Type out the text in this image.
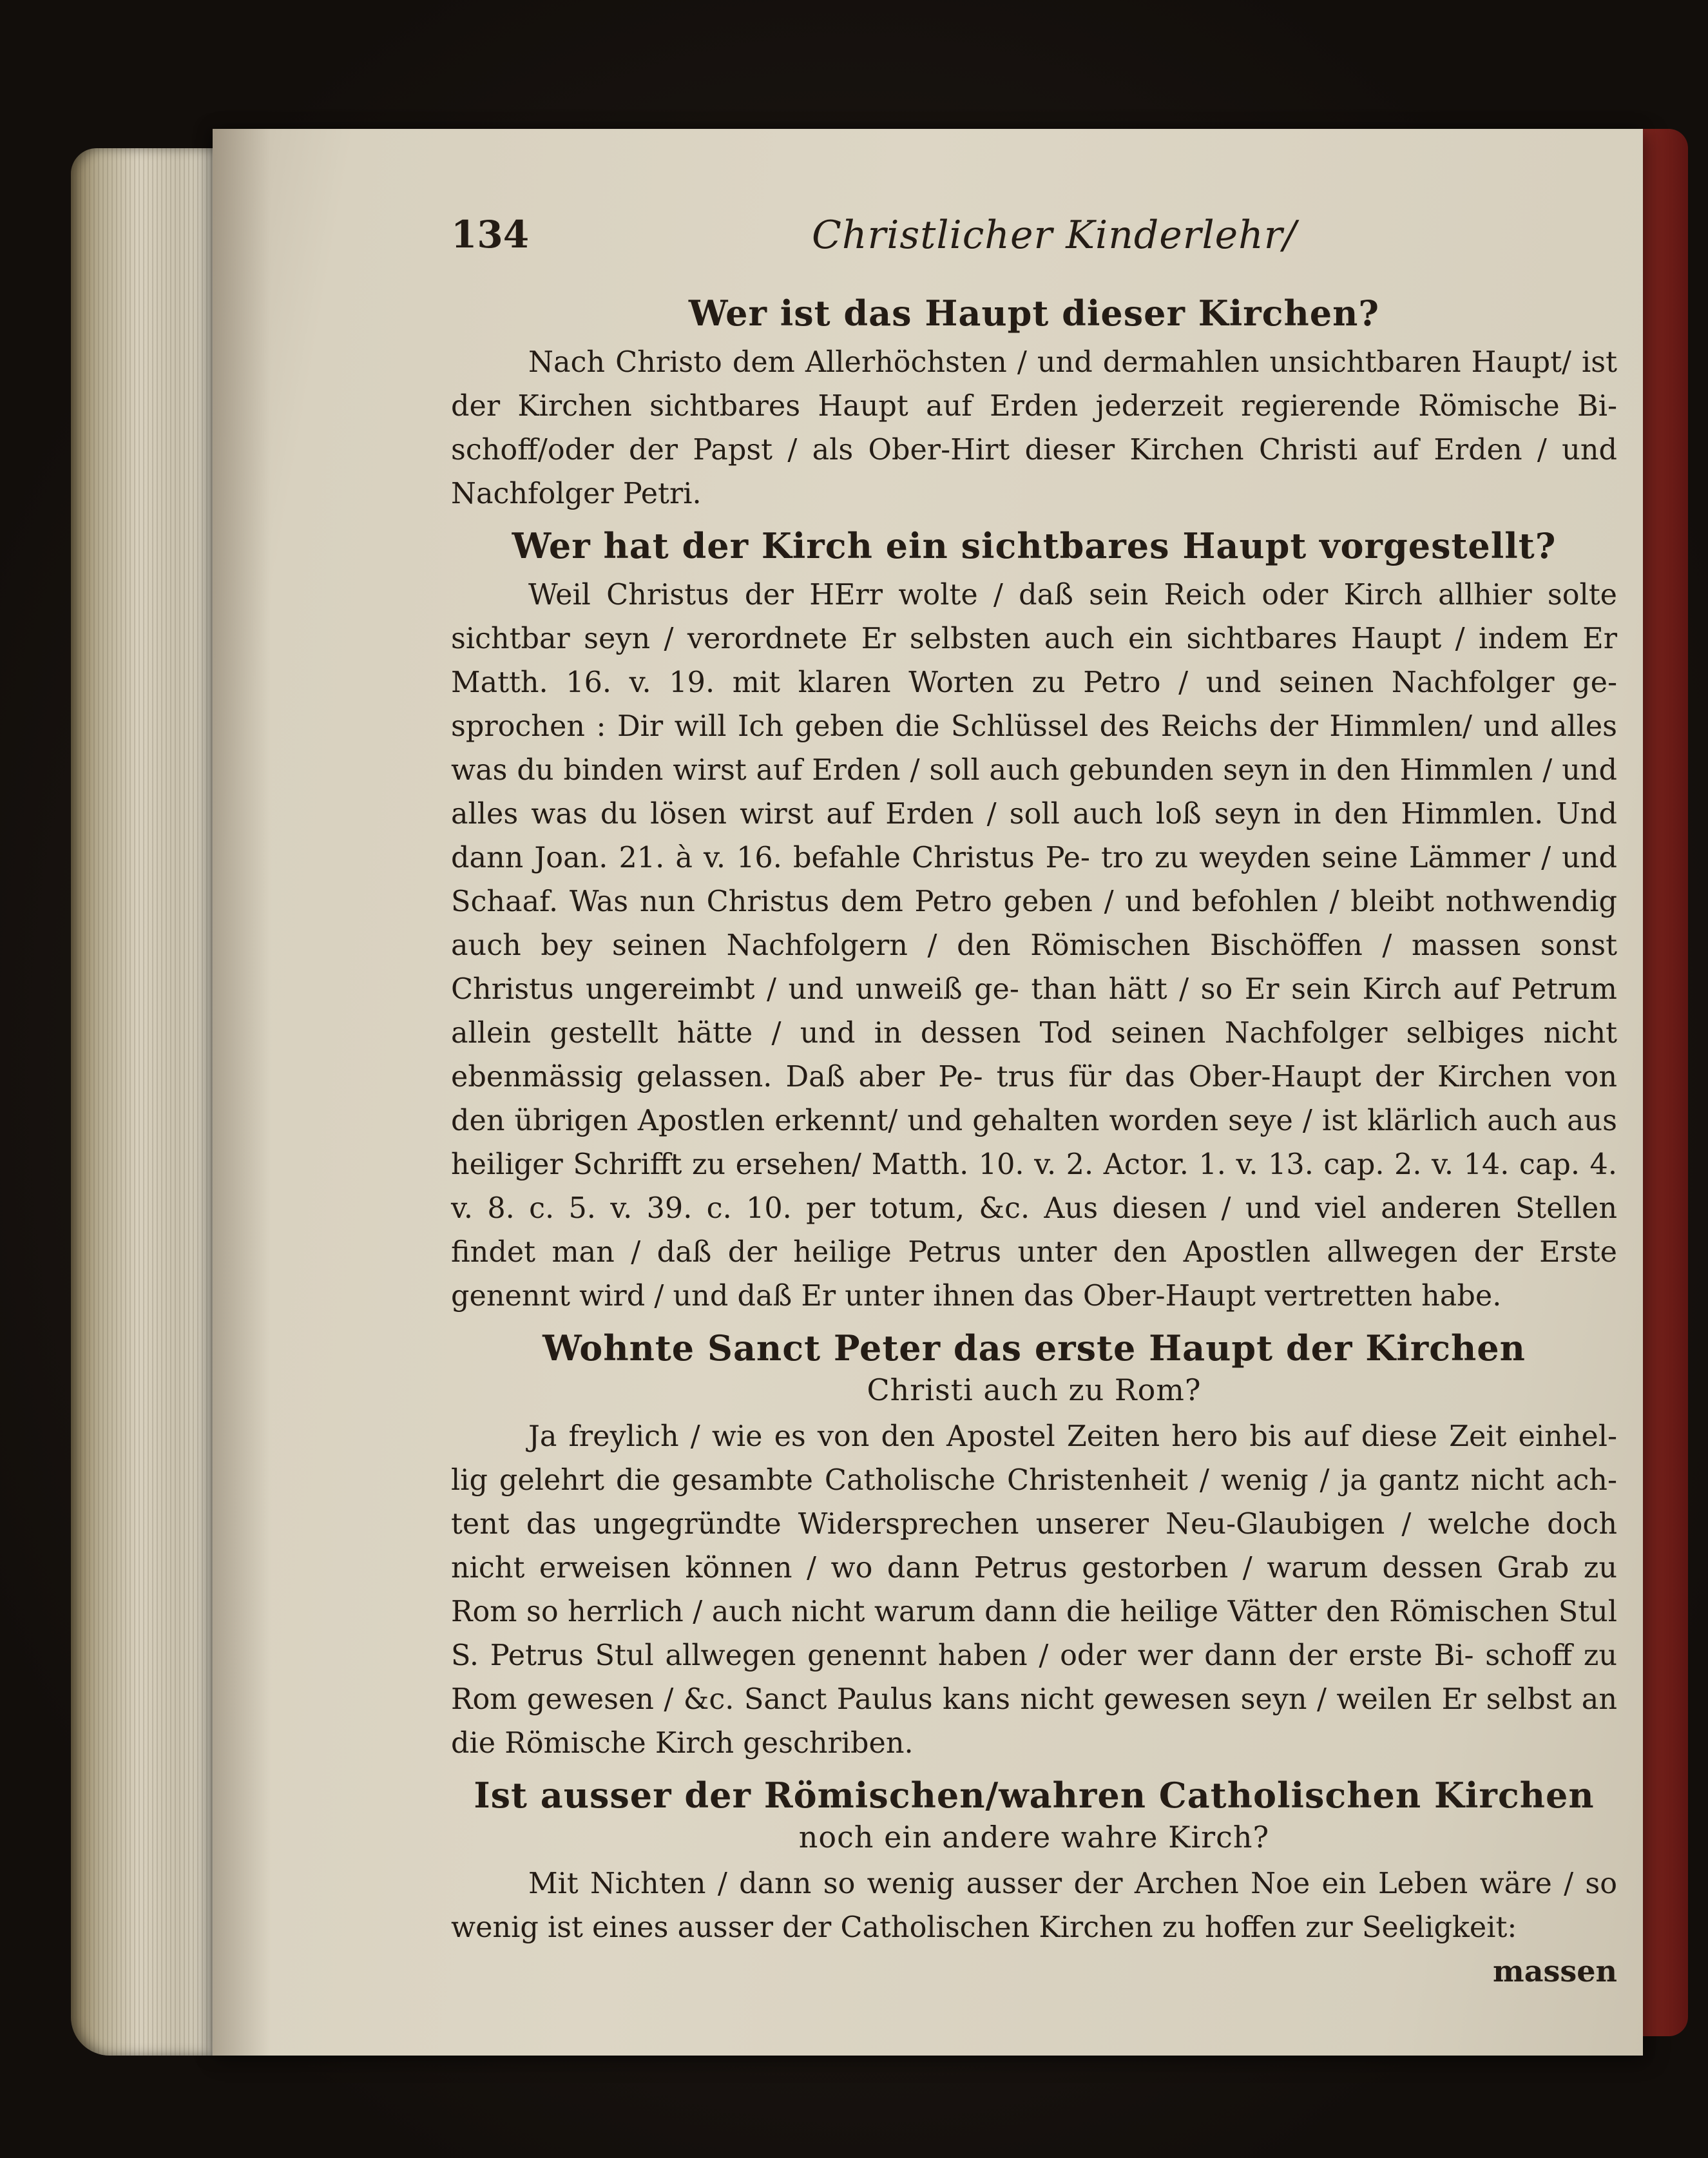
134	Christlicher Kinderlehr/
Wer ist das Haupt dieser Kirchen?

Nach Christo dem Allerhöchsten / und dermahlen unsichtbaren Haupt/ ist der Kirchen sichtbares Haupt auf Erden jederzeit regierende Römische Bi- schoff/oder der Papst / als Ober-Hirt dieser Kirchen Christi auf Erden / und Nachfolger Petri.

Wer hat der Kirch ein sichtbares Haupt vorgestellt?

Weil Christus der HErr wolte / daß sein Reich oder Kirch allhier solte sichtbar seyn / verordnete Er selbsten auch ein sichtbares Haupt / indem Er Matth. 16. v. 19. mit klaren Worten zu Petro / und seinen Nachfolger ge- sprochen : Dir will Ich geben die Schlüssel des Reichs der Himmlen/ und alles was du binden wirst auf Erden / soll auch gebunden seyn in den Himmlen / und alles was du lösen wirst auf Erden / soll auch loß seyn in den Himmlen. Und dann Joan. 21. à v. 16. befahle Christus Pe- tro zu weyden seine Lämmer / und Schaaf. Was nun Christus dem Petro geben / und befohlen / bleibt nothwendig auch bey seinen Nachfolgern / den Römischen Bischöffen / massen sonst Christus ungereimbt / und unweiß ge- than hätt / so Er sein Kirch auf Petrum allein gestellt hätte / und in dessen Tod seinen Nachfolger selbiges nicht ebenmässig gelassen. Daß aber Pe- trus für das Ober-Haupt der Kirchen von den übrigen Apostlen erkennt/ und gehalten worden seye / ist klärlich auch aus heiliger Schrifft zu ersehen/ Matth. 10. v. 2. Actor. 1. v. 13. cap. 2. v. 14. cap. 4. v. 8. c. 5. v. 39. c. 10. per totum, &c. Aus diesen / und viel anderen Stellen findet man / daß der heilige Petrus unter den Apostlen allwegen der Erste genennt wird / und daß Er unter ihnen das Ober-Haupt vertretten habe.

Wohnte Sanct Peter das erste Haupt der Kirchen
Christi auch zu Rom?

Ja freylich / wie es von den Apostel Zeiten hero bis auf diese Zeit einhel- lig gelehrt die gesambte Catholische Christenheit / wenig / ja gantz nicht ach- tent das ungegründte Widersprechen unserer Neu-Glaubigen / welche doch nicht erweisen können / wo dann Petrus gestorben / warum dessen Grab zu Rom so herrlich / auch nicht warum dann die heilige Vätter den Römischen Stul S. Petrus Stul allwegen genennt haben / oder wer dann der erste Bi- schoff zu Rom gewesen / &c. Sanct Paulus kans nicht gewesen seyn / weilen Er selbst an die Römische Kirch geschriben.

Ist ausser der Römischen/wahren Catholischen Kirchen
noch ein andere wahre Kirch?

Mit Nichten / dann so wenig ausser der Archen Noe ein Leben wäre / so wenig ist eines ausser der Catholischen Kirchen zu hoffen zur Seeligkeit:

massen
